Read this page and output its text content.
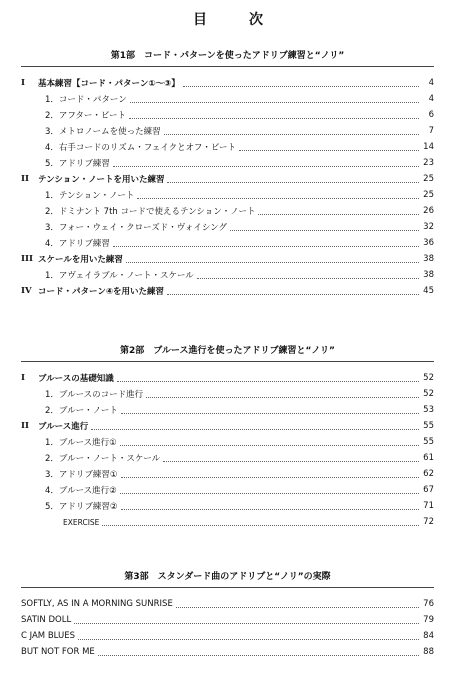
目　次
第1部　コード・パターンを使ったアドリブ練習と“ノリ”
I	基本練習【コード・パターン①～③】	4
1．コード・パターン	4
2．アフター・ビート	6
3．メトロノームを使った練習	7
4．右手コードのリズム・フェイクとオフ・ビート	14
5．アドリブ練習	23
II	テンション・ノートを用いた練習	25
1．テンション・ノート	25
2．ドミナント 7th コードで使えるテンション・ノート	26
3．フォー・ウェイ・クローズド・ヴォイシング	32
4．アドリブ練習	36
III スケールを用いた練習	38
1．アヴェイラブル・ノート・スケール	38
IV コード・パターン④を用いた練習	45
第2部　ブルース進行を使ったアドリブ練習と“ノリ”
I	ブルースの基礎知識	52
1．ブルースのコード進行	52
2．ブルー・ノート	53
II	ブルース進行	55
1．ブルース進行①	55
2．ブルー・ノート・スケール	61
3．アドリブ練習①	62
4．ブルース進行②	67
5．アドリブ練習②	71
EXERCISE	72
第3部　スタンダード曲のアドリブと“ノリ”の実際
SOFTLY, AS IN A MORNING SUNRISE	76
SATIN DOLL	79
C JAM BLUES	84
BUT NOT FOR ME	88
